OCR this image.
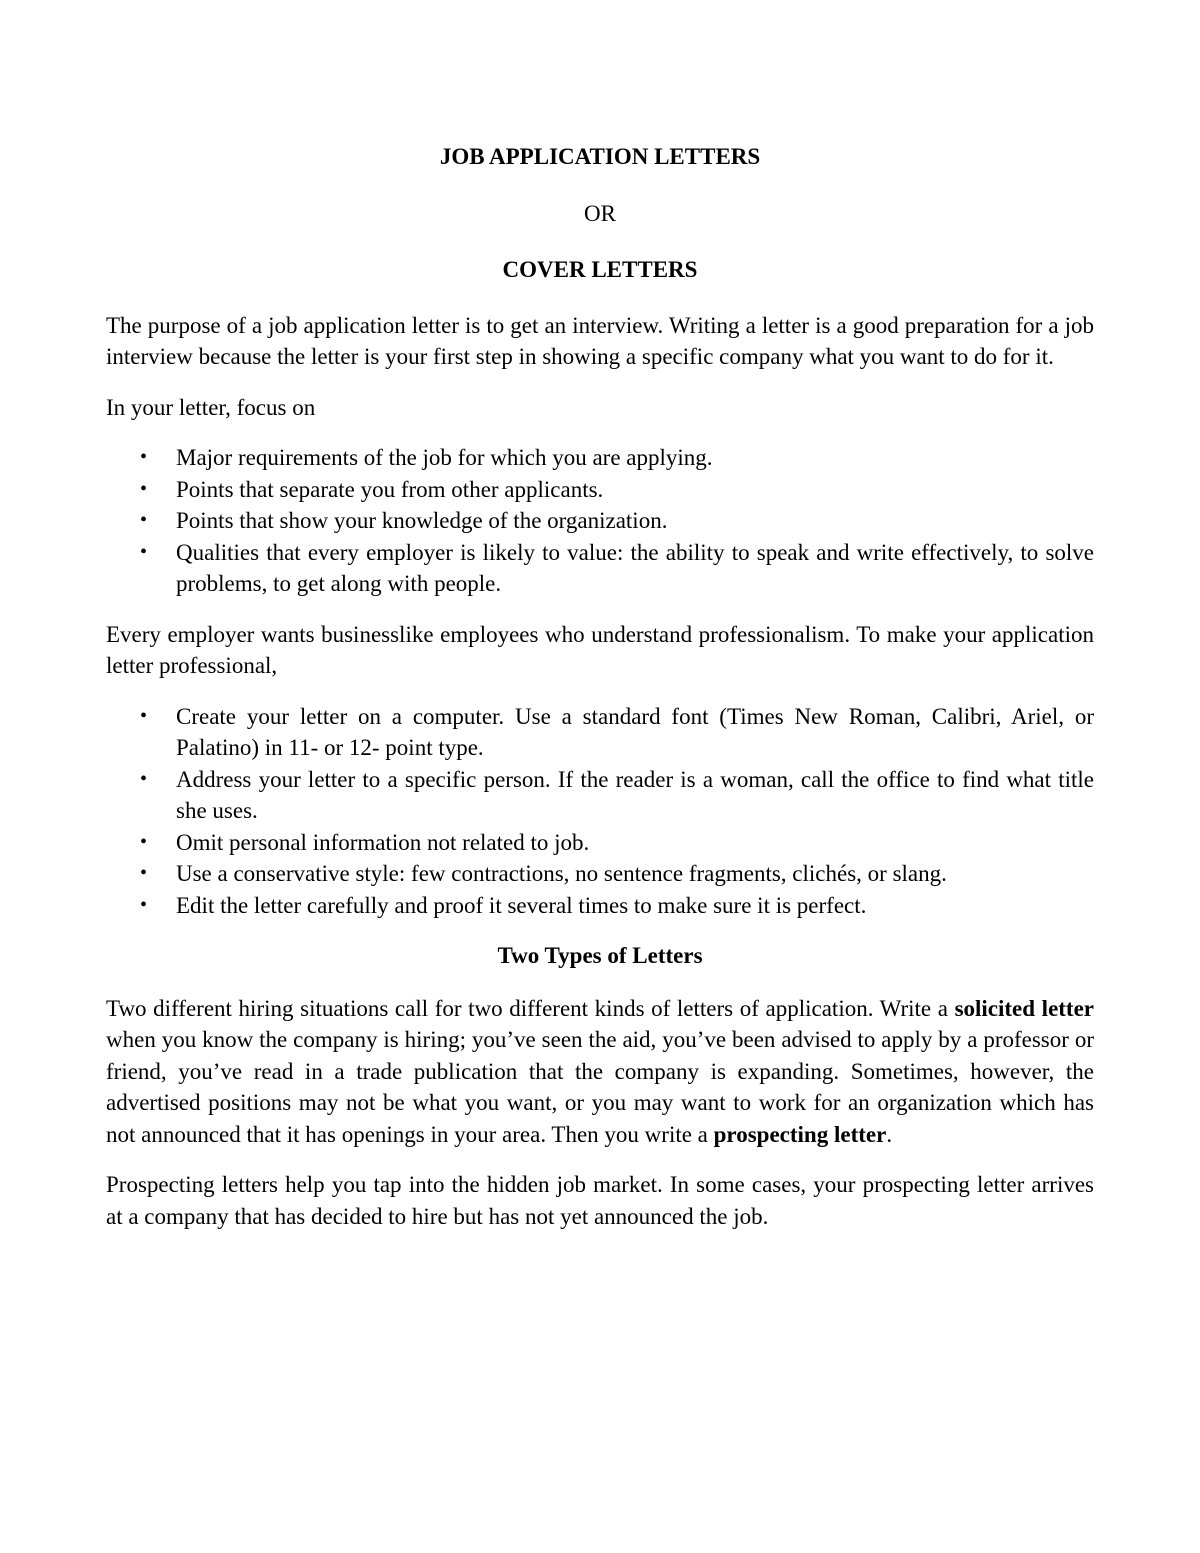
JOB APPLICATION LETTERS

OR

COVER LETTERS

The purpose of a job application letter is to get an interview. Writing a letter is a good preparation for a job interview because the letter is your first step in showing a specific company what you want to do for it.

In your letter, focus on

• Major requirements of the job for which you are applying.
• Points that separate you from other applicants.
• Points that show your knowledge of the organization.
• Qualities that every employer is likely to value: the ability to speak and write effectively, to solve problems, to get along with people.

Every employer wants businesslike employees who understand professionalism. To make your application letter professional,

• Create your letter on a computer. Use a standard font (Times New Roman, Calibri, Ariel, or Palatino) in 11- or 12- point type.
• Address your letter to a specific person. If the reader is a woman, call the office to find what title she uses.
• Omit personal information not related to job.
• Use a conservative style: few contractions, no sentence fragments, clichés, or slang.
• Edit the letter carefully and proof it several times to make sure it is perfect.

Two Types of Letters

Two different hiring situations call for two different kinds of letters of application. Write a solicited letter when you know the company is hiring; you’ve seen the aid, you’ve been advised to apply by a professor or friend, you’ve read in a trade publication that the company is expanding. Sometimes, however, the advertised positions may not be what you want, or you may want to work for an organization which has not announced that it has openings in your area. Then you write a prospecting letter.

Prospecting letters help you tap into the hidden job market. In some cases, your prospecting letter arrives at a company that has decided to hire but has not yet announced the job.
